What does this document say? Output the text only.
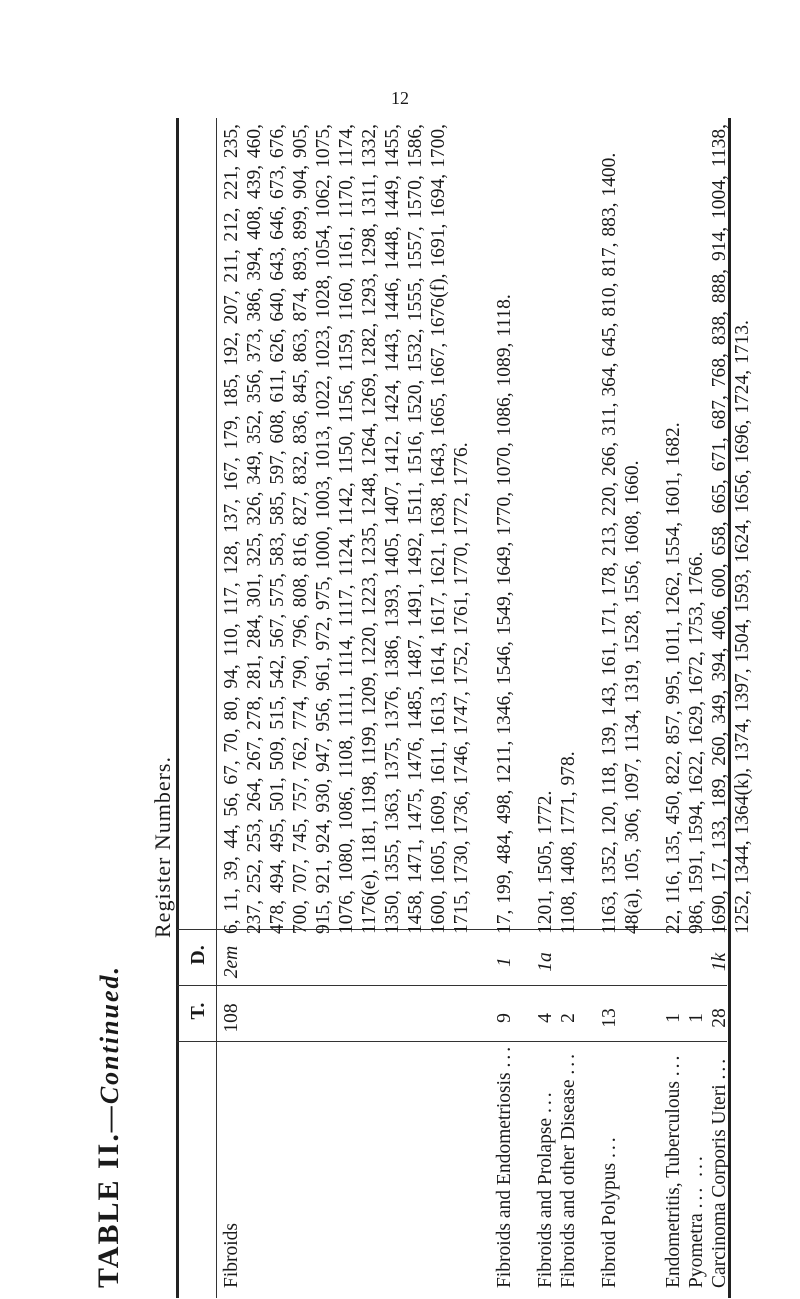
12
TABLE II.—Continued.
Register Numbers.
T.
D.
Fibroids
108
2em
6, 11, 39, 44, 56, 67, 70, 80, 94, 110, 117, 128, 137, 167, 179, 185, 192, 207, 211, 212, 221, 235, 237, 252, 253, 264, 267, 278, 281, 284, 301, 325, 326, 349, 352, 356, 373, 386, 394, 408, 439, 460, 478, 494, 495, 501, 509, 515, 542, 567, 575, 583, 585, 597, 608, 611, 626, 640, 643, 646, 673, 676, 700, 707, 745, 757, 762, 774, 790, 796, 808, 816, 827, 832, 836, 845, 863, 874, 893, 899, 904, 905, 915, 921, 924, 930, 947, 956, 961, 972, 975, 1000, 1003, 1013, 1022, 1023, 1028, 1054, 1062, 1075, 1076, 1080, 1086, 1108, 1111, 1114, 1117, 1124, 1142, 1150, 1156, 1159, 1160, 1161, 1170, 1174, 1176(e), 1181, 1198, 1199, 1209, 1220, 1223, 1235, 1248, 1264, 1269, 1282, 1293, 1298, 1311, 1332, 1350, 1355, 1363, 1375, 1376, 1386, 1393, 1405, 1407, 1412, 1424, 1443, 1446, 1448, 1449, 1455, 1458, 1471, 1475, 1476, 1485, 1487, 1491, 1492, 1511, 1516, 1520, 1532, 1555, 1557, 1570, 1586, 1600, 1605, 1609, 1611, 1613, 1614, 1617, 1621, 1638, 1643, 1665, 1667, 1676(f), 1691, 1694, 1700, 1715, 1730, 1736, 1746, 1747, 1752, 1761, 1770, 1772, 1776.
Fibroids and Endometriosis ...
9
1
17, 199, 484, 498, 1211, 1346, 1546, 1549, 1649, 1770, 1070, 1086, 1089, 1118.
Fibroids and Prolapse ...
4
1a
1201, 1505, 1772.
Fibroids and other Disease ...
2
1108, 1408, 1771, 978.
Fibroid Polypus ...
13
1163, 1352, 120, 118, 139, 143, 161, 171, 178, 213, 220, 266, 311, 364, 645, 810, 817, 883, 1400. 48(a), 105, 306, 1097, 1134, 1319, 1528, 1556, 1608, 1660.
Endometritis, Tuberculous ...
1
22, 116, 135, 450, 822, 857, 995, 1011, 1262, 1554, 1601, 1682.
Pyometra ... ...
1
986, 1591, 1594, 1622, 1629, 1672, 1753, 1766.
Carcinoma Corporis Uteri ...
28
1k
1690, 17, 133, 189, 260, 349, 394, 406, 600, 658, 665, 671, 687, 768, 838, 888, 914, 1004, 1138, 1252, 1344, 1364(k), 1374, 1397, 1504, 1593, 1624, 1656, 1696, 1724, 1713.
